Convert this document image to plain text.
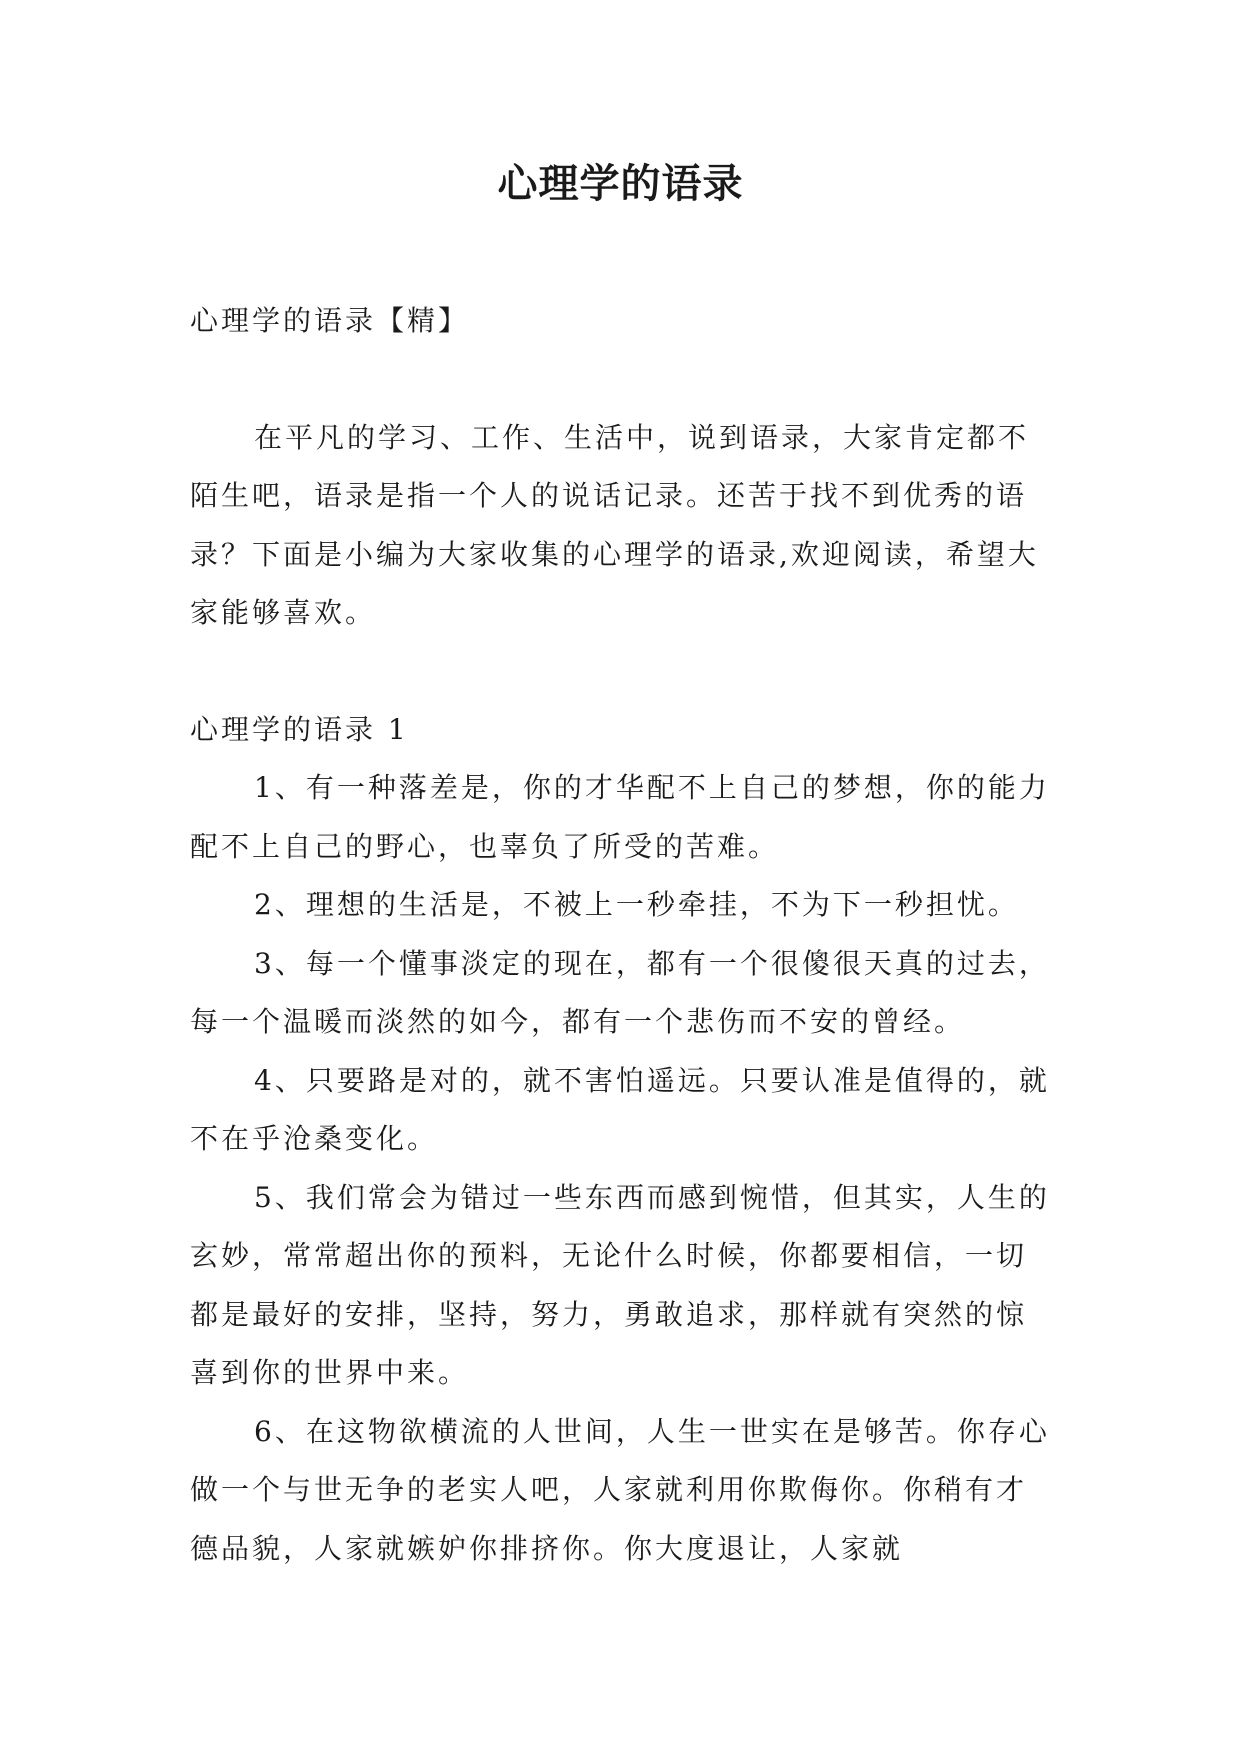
心理学的语录

心理学的语录【精】

在平凡的学习、工作、生活中，说到语录，大家肯定都不陌生吧，语录是指一个人的说话记录。还苦于找不到优秀的语录？下面是小编为大家收集的心理学的语录,欢迎阅读，希望大家能够喜欢。

心理学的语录 1

1、有一种落差是，你的才华配不上自己的梦想，你的能力配不上自己的野心，也辜负了所受的苦难。

2、理想的生活是，不被上一秒牵挂，不为下一秒担忧。

3、每一个懂事淡定的现在，都有一个很傻很天真的过去，每一个温暖而淡然的如今，都有一个悲伤而不安的曾经。

4、只要路是对的，就不害怕遥远。只要认准是值得的，就不在乎沧桑变化。

5、我们常会为错过一些东西而感到惋惜，但其实，人生的玄妙，常常超出你的预料，无论什么时候，你都要相信，一切都是最好的安排，坚持，努力，勇敢追求，那样就有突然的惊喜到你的世界中来。

6、在这物欲横流的人世间，人生一世实在是够苦。你存心做一个与世无争的老实人吧，人家就利用你欺侮你。你稍有才德品貌，人家就嫉妒你排挤你。你大度退让，人家就
